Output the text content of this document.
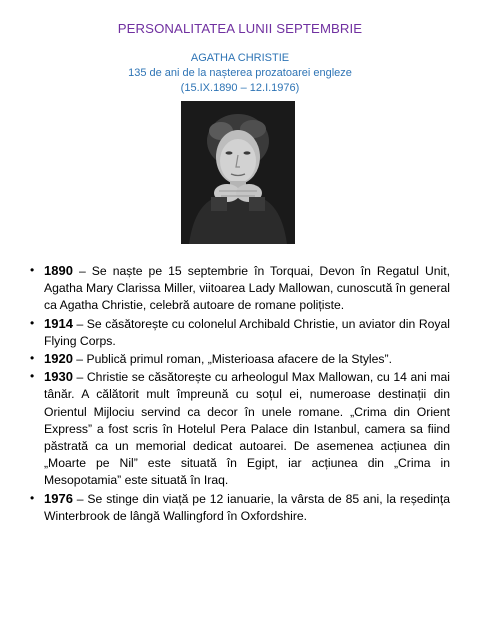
PERSONALITATEA LUNII SEPTEMBRIE
AGATHA CHRISTIE
135 de ani de la nașterea prozatoarei engleze
(15.IX.1890 – 12.I.1976)
• 1890 – Se naște pe 15 septembrie în Torquai, Devon în Regatul Unit, Agatha Mary Clarissa Miller, viitoarea Lady Mallowan, cunoscută în general ca Agatha Christie, celebră autoare de romane polițiste.
• 1914 – Se căsătorește cu colonelul Archibald Christie, un aviator din Royal Flying Corps.
• 1920 – Publică primul roman, „Misterioasa afacere de la Styles”.
• 1930 – Christie se căsătorește cu arheologul Max Mallowan, cu 14 ani mai tânăr. A călătorit mult împreună cu soțul ei, numeroase destinații din Orientul Mijlociu servind ca decor în unele romane. „Crima din Orient Express” a fost scris în Hotelul Pera Palace din Istanbul, camera sa fiind păstrată ca un memorial dedicat autoarei. De asemenea acțiunea din „Moarte pe Nil” este situată în Egipt, iar acțiunea din „Crima in Mesopotamia” este situată în Iraq.
• 1976 – Se stinge din viață pe 12 ianuarie, la vârsta de 85 ani, la reședința Winterbrook de lângă Wallingford în Oxfordshire.
